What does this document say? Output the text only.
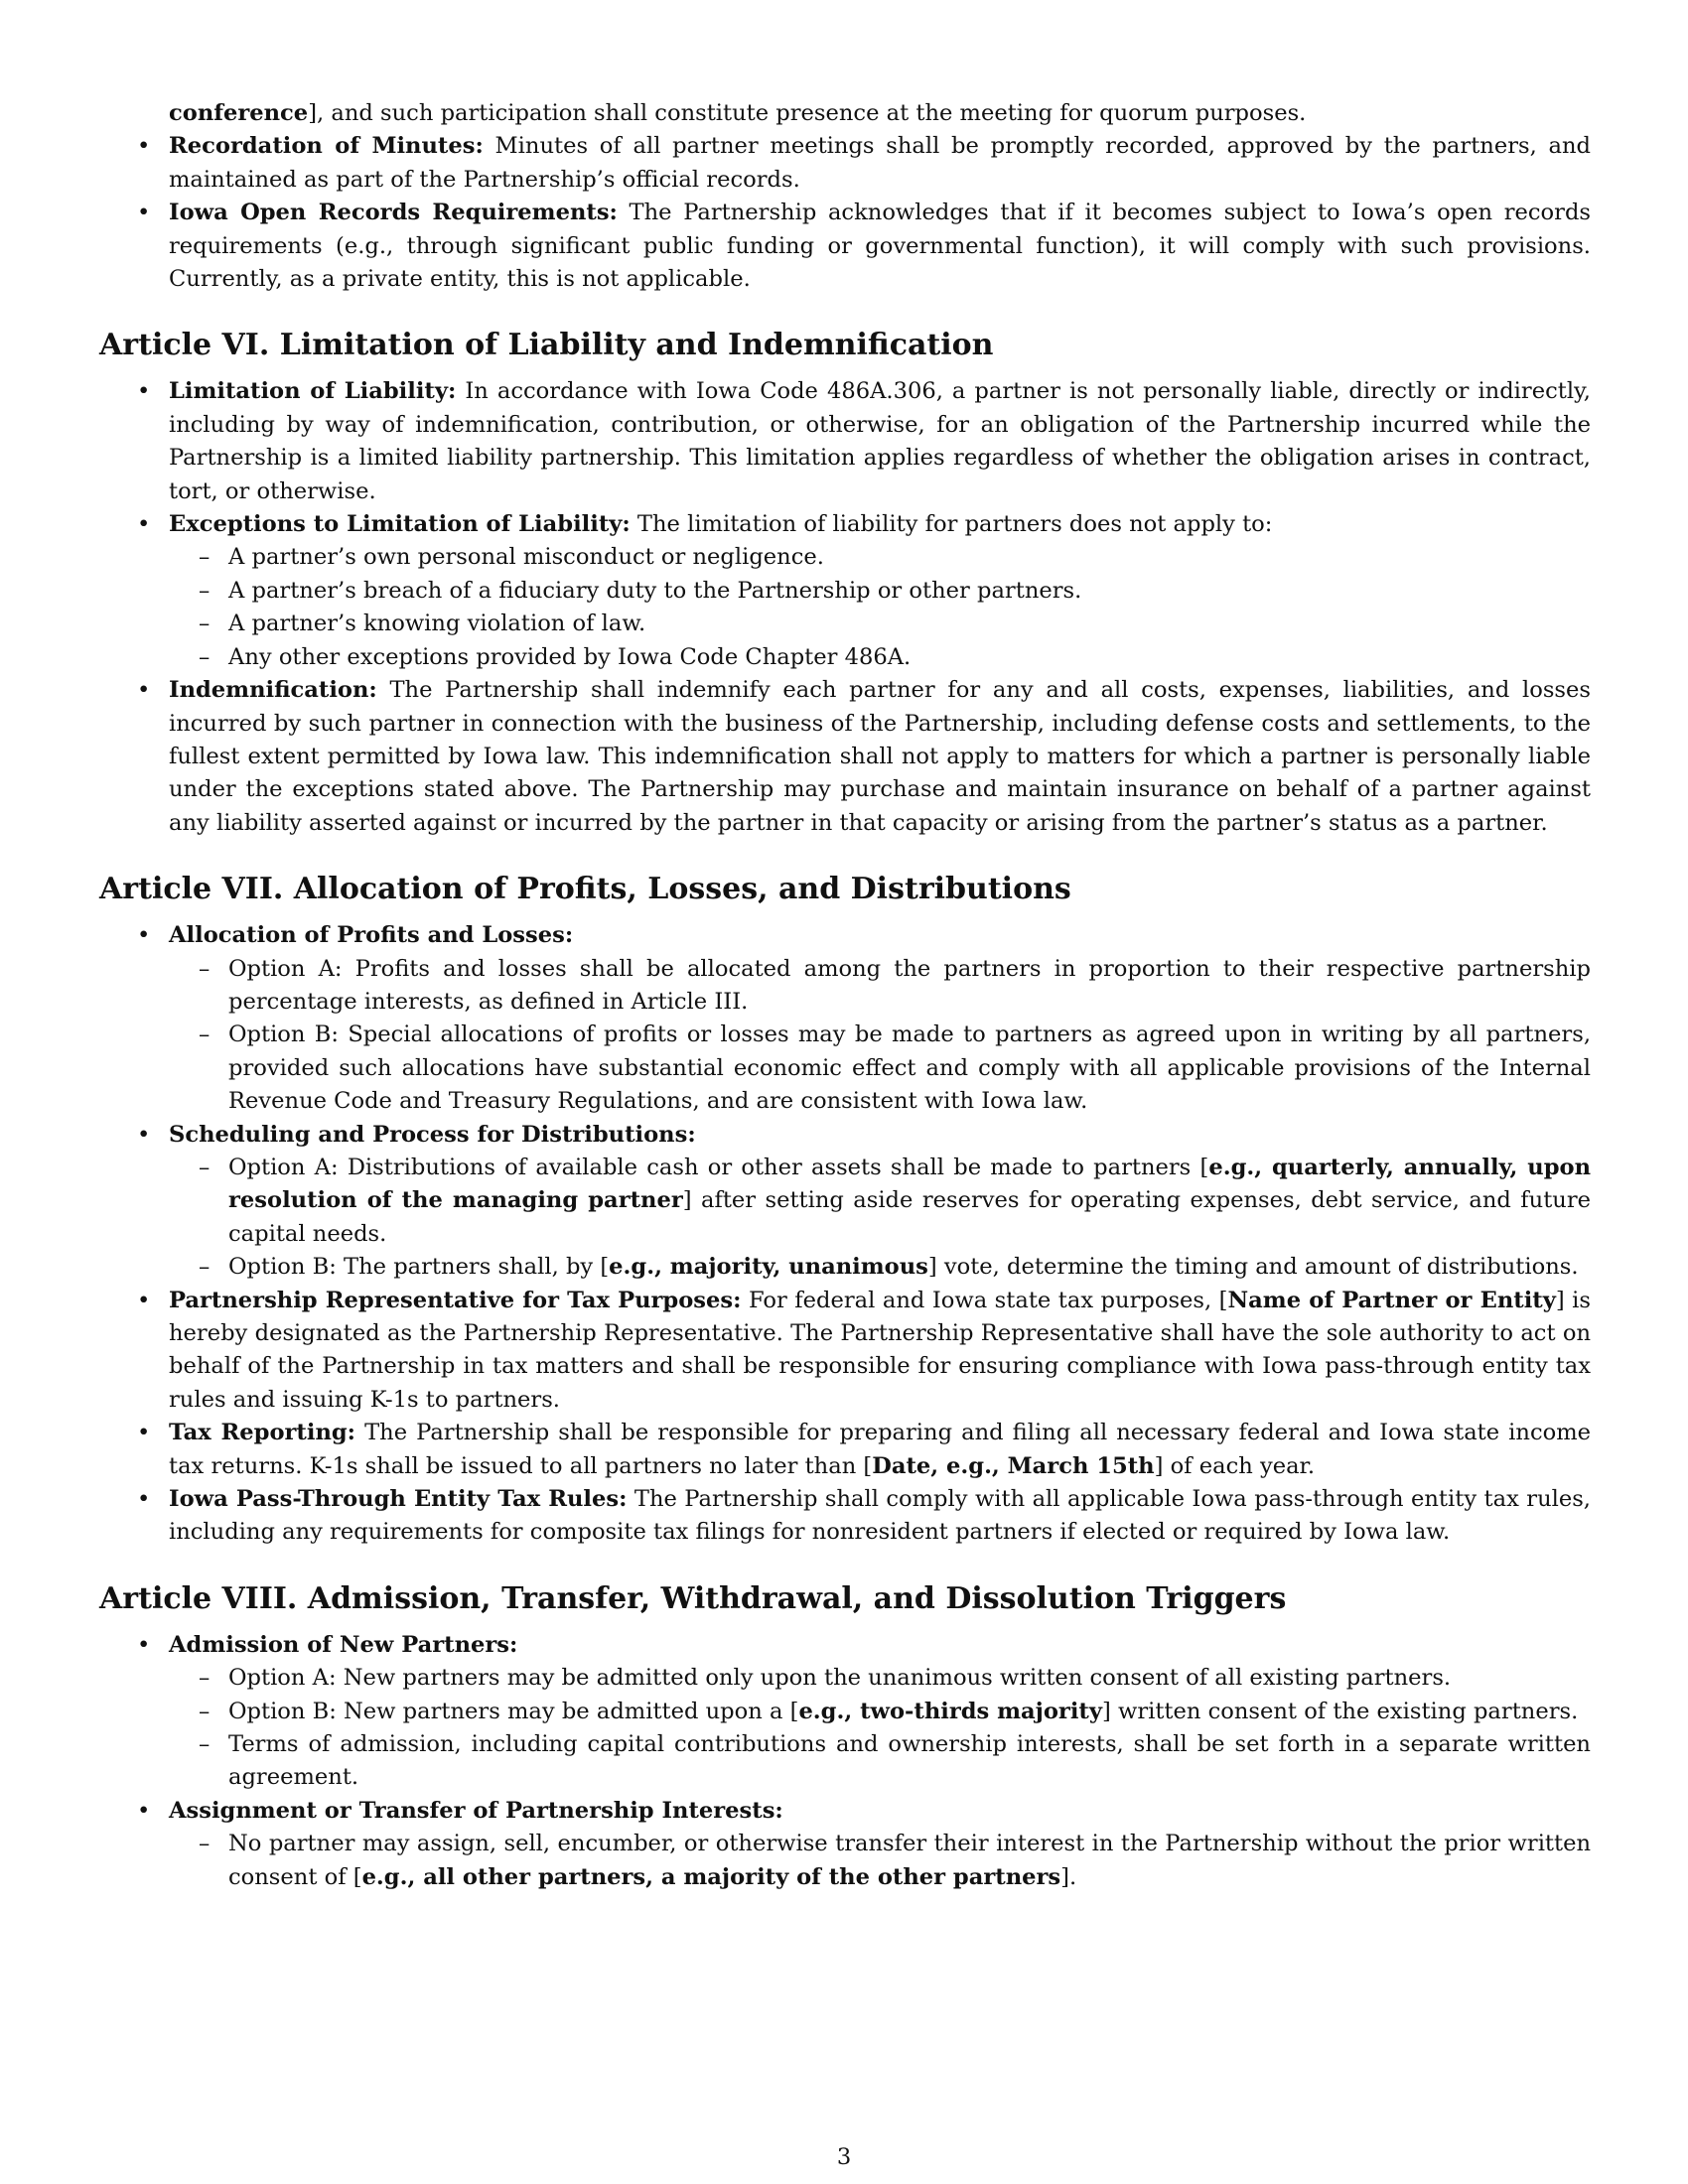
conference], and such participation shall constitute presence at the meeting for quorum purposes.

• Recordation of Minutes: Minutes of all partner meetings shall be promptly recorded, approved by the partners, and maintained as part of the Partnership’s official records.
• Iowa Open Records Requirements: The Partnership acknowledges that if it becomes subject to Iowa’s open records requirements (e.g., through significant public funding or governmental function), it will comply with such provisions. Currently, as a private entity, this is not applicable.
Article VI. Limitation of Liability and Indemnification
• Limitation of Liability: In accordance with Iowa Code 486A.306, a partner is not personally liable, directly or indirectly, including by way of indemnification, contribution, or otherwise, for an obligation of the Partnership incurred while the Partnership is a limited liability partnership. This limitation applies regardless of whether the obligation arises in contract, tort, or otherwise.
• Exceptions to Limitation of Liability: The limitation of liability for partners does not apply to:
– A partner’s own personal misconduct or negligence.
– A partner’s breach of a fiduciary duty to the Partnership or other partners.
– A partner’s knowing violation of law.
– Any other exceptions provided by Iowa Code Chapter 486A.
• Indemnification: The Partnership shall indemnify each partner for any and all costs, expenses, liabilities, and losses incurred by such partner in connection with the business of the Partnership, including defense costs and settlements, to the fullest extent permitted by Iowa law. This indemnification shall not apply to matters for which a partner is personally liable under the exceptions stated above. The Partnership may purchase and maintain insurance on behalf of a partner against any liability asserted against or incurred by the partner in that capacity or arising from the partner’s status as a partner.
Article VII. Allocation of Profits, Losses, and Distributions
• Allocation of Profits and Losses:
– Option A: Profits and losses shall be allocated among the partners in proportion to their respective partnership percentage interests, as defined in Article III.
– Option B: Special allocations of profits or losses may be made to partners as agreed upon in writing by all partners, provided such allocations have substantial economic effect and comply with all applicable provisions of the Internal Revenue Code and Treasury Regulations, and are consistent with Iowa law.
• Scheduling and Process for Distributions:
– Option A: Distributions of available cash or other assets shall be made to partners [e.g., quarterly, annually, upon resolution of the managing partner] after setting aside reserves for operating expenses, debt service, and future capital needs.
– Option B: The partners shall, by [e.g., majority, unanimous] vote, determine the timing and amount of distributions.
• Partnership Representative for Tax Purposes: For federal and Iowa state tax purposes, [Name of Partner or Entity] is hereby designated as the Partnership Representative. The Partnership Representative shall have the sole authority to act on behalf of the Partnership in tax matters and shall be responsible for ensuring compliance with Iowa pass-through entity tax rules and issuing K-1s to partners.
• Tax Reporting: The Partnership shall be responsible for preparing and filing all necessary federal and Iowa state income tax returns. K-1s shall be issued to all partners no later than [Date, e.g., March 15th] of each year.
• Iowa Pass-Through Entity Tax Rules: The Partnership shall comply with all applicable Iowa pass-through entity tax rules, including any requirements for composite tax filings for nonresident partners if elected or required by Iowa law.
Article VIII. Admission, Transfer, Withdrawal, and Dissolution Triggers
• Admission of New Partners:
– Option A: New partners may be admitted only upon the unanimous written consent of all existing partners.
– Option B: New partners may be admitted upon a [e.g., two-thirds majority] written consent of the existing partners.
– Terms of admission, including capital contributions and ownership interests, shall be set forth in a separate written agreement.
• Assignment or Transfer of Partnership Interests:
– No partner may assign, sell, encumber, or otherwise transfer their interest in the Partnership without the prior written consent of [e.g., all other partners, a majority of the other partners].
3
